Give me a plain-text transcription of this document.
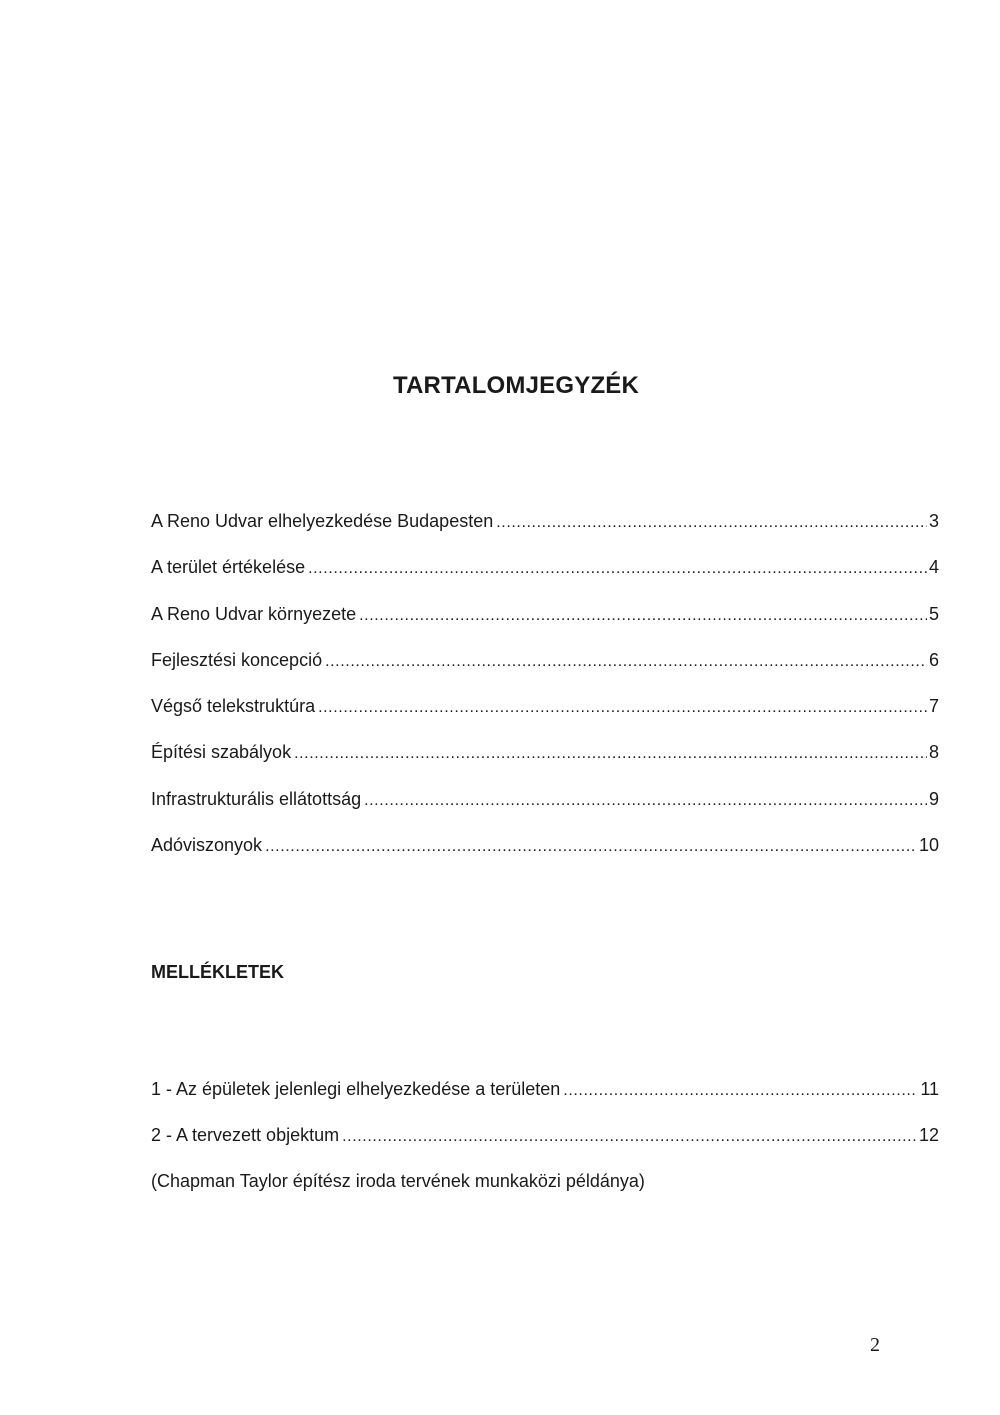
TARTALOMJEGYZÉK
A Reno Udvar elhelyezkedése Budapesten .....	3
A terület értékelése .....	4
A Reno Udvar környezete .....	5
Fejlesztési koncepció .....	6
Végső telekstruktúra .....	7
Építési szabályok .....	8
Infrastrukturális ellátottság .....	9
Adóviszonyok .....	10
MELLÉKLETEK
1 - Az épületek jelenlegi elhelyezkedése a területen .....	11
2 - A tervezett objektum .....	12
(Chapman Taylor építész iroda tervének munkaközi példánya)
2
